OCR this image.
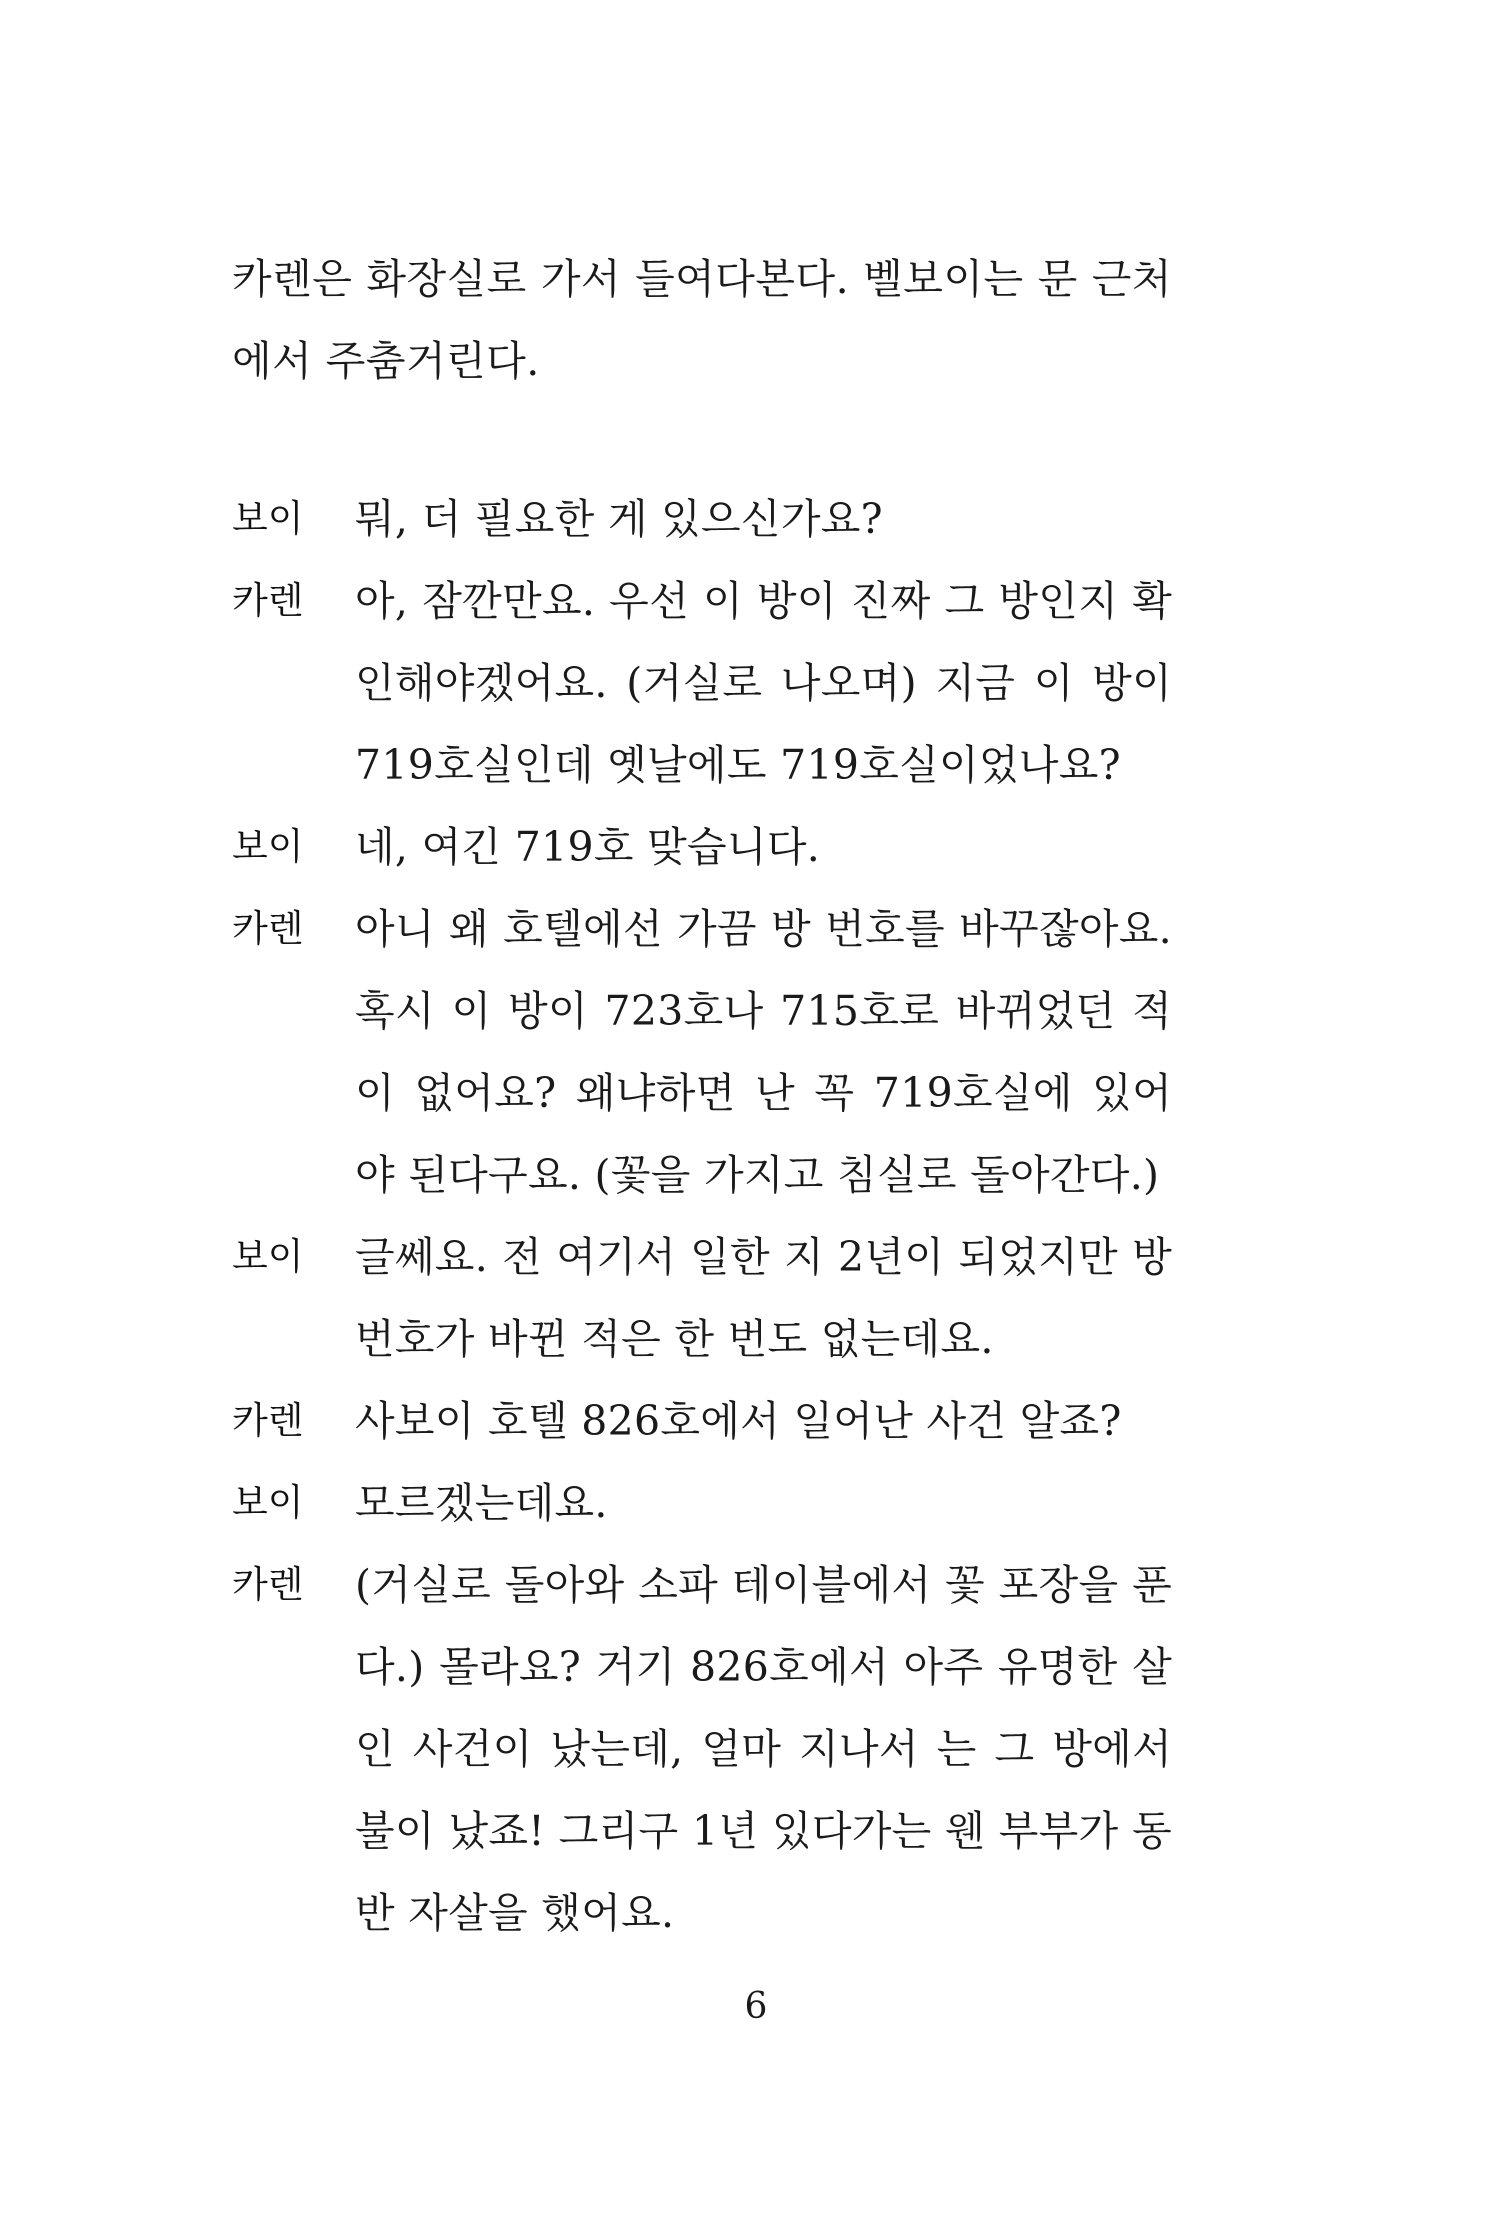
카렌은 화장실로 가서 들여다본다. 벨보이는 문 근처에서 주춤거린다.

보이	뭐, 더 필요한 게 있으신가요?
카렌	아, 잠깐만요. 우선 이 방이 진짜 그 방인지 확인해야겠어요. (거실로 나오며) 지금 이 방이 719호실인데 옛날에도 719호실이었나요?
보이	네, 여긴 719호 맞습니다.
카렌	아니 왜 호텔에선 가끔 방 번호를 바꾸잖아요. 혹시 이 방이 723호나 715호로 바뀌었던 적이 없어요? 왜냐하면 난 꼭 719호실에 있어야 된다구요. (꽃을 가지고 침실로 돌아간다.)
보이	글쎄요. 전 여기서 일한 지 2년이 되었지만 방 번호가 바뀐 적은 한 번도 없는데요.
카렌	사보이 호텔 826호에서 일어난 사건 알죠?
보이	모르겠는데요.
카렌	(거실로 돌아와 소파 테이블에서 꽃 포장을 푼다.) 몰라요? 거기 826호에서 아주 유명한 살인 사건이 났는데, 얼마 지나서 는 그 방에서 불이 났죠! 그리구 1년 있다가는 웬 부부가 동반 자살을 했어요.
6
